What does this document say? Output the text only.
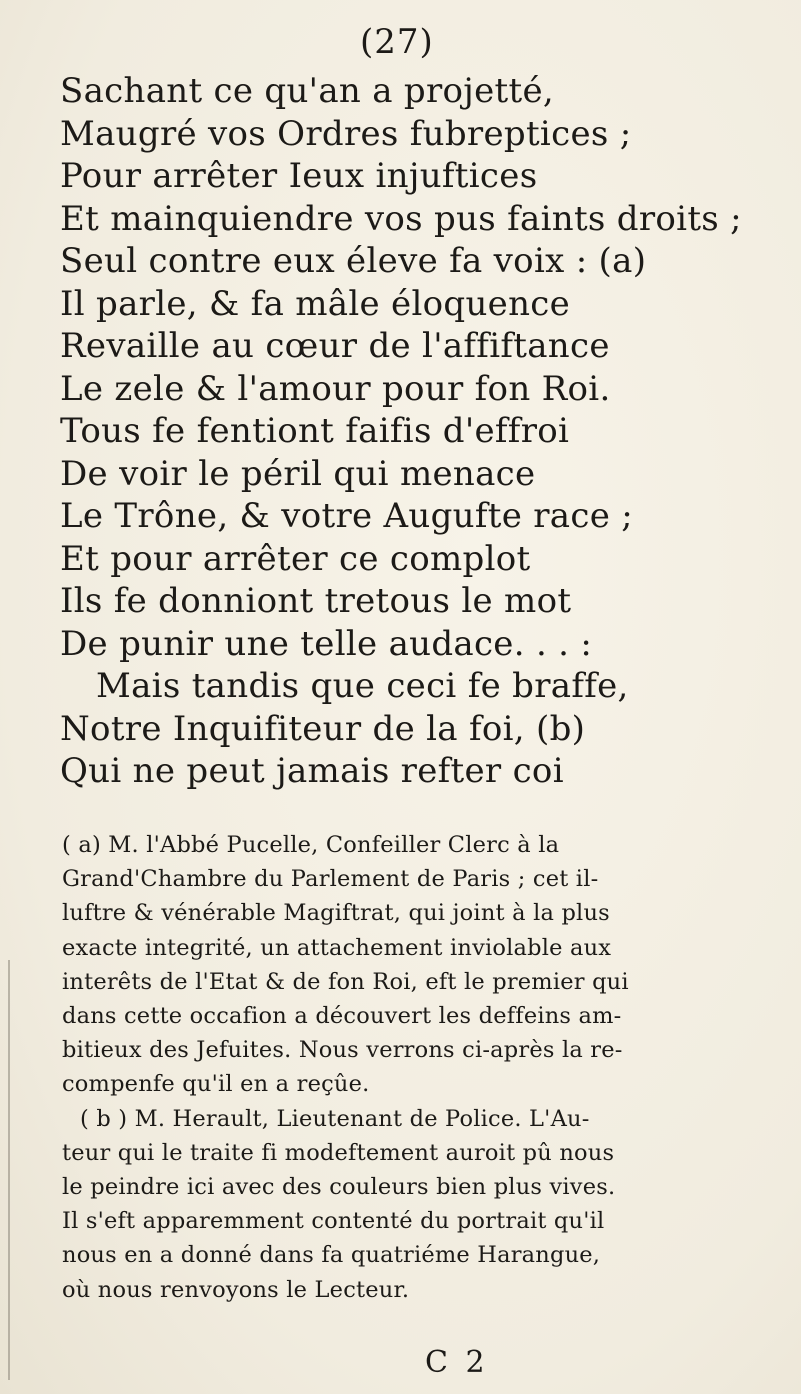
(27)
Sachant ce qu'an a projetté,
Maugré vos Ordres fubreptices ;
Pour arrêter Ieux injuftices
Et mainquiendre vos pus faints droits ;
Seul contre eux éleve fa voix : (a)
Il parle, & fa mâle éloquence
Revaille au cœur de l'affiftance
Le zele & l'amour pour fon Roi.
Tous fe fentiont faifis d'effroi
De voir le péril qui menace
Le Trône, & votre Augufte race ;
Et pour arrêter ce complot
Ils fe donniont tretous le mot
De punir une telle audace. . . :
Mais tandis que ceci fe braffe,
Notre Inquifiteur de la foi, (b)
Qui ne peut jamais refter coi
( a) M. l'Abbé Pucelle, Confeiller Clerc à la
Grand'Chambre du Parlement de Paris ; cet il-
luftre & vénérable Magiftrat, qui joint à la plus
exacte integrité, un attachement inviolable aux
interêts de l'Etat & de fon Roi, eft le premier qui
dans cette occafion a découvert les deffeins am-
bitieux des Jefuites. Nous verrons ci-après la re-
compenfe qu'il en a reçûe.
( b ) M. Herault, Lieutenant de Police. L'Au-
teur qui le traite fi modeftement auroit pû nous
le peindre ici avec des couleurs bien plus vives.
Il s'eft apparemment contenté du portrait qu'il
nous en a donné dans fa quatriéme Harangue,
où nous renvoyons le Lecteur.
C 2
